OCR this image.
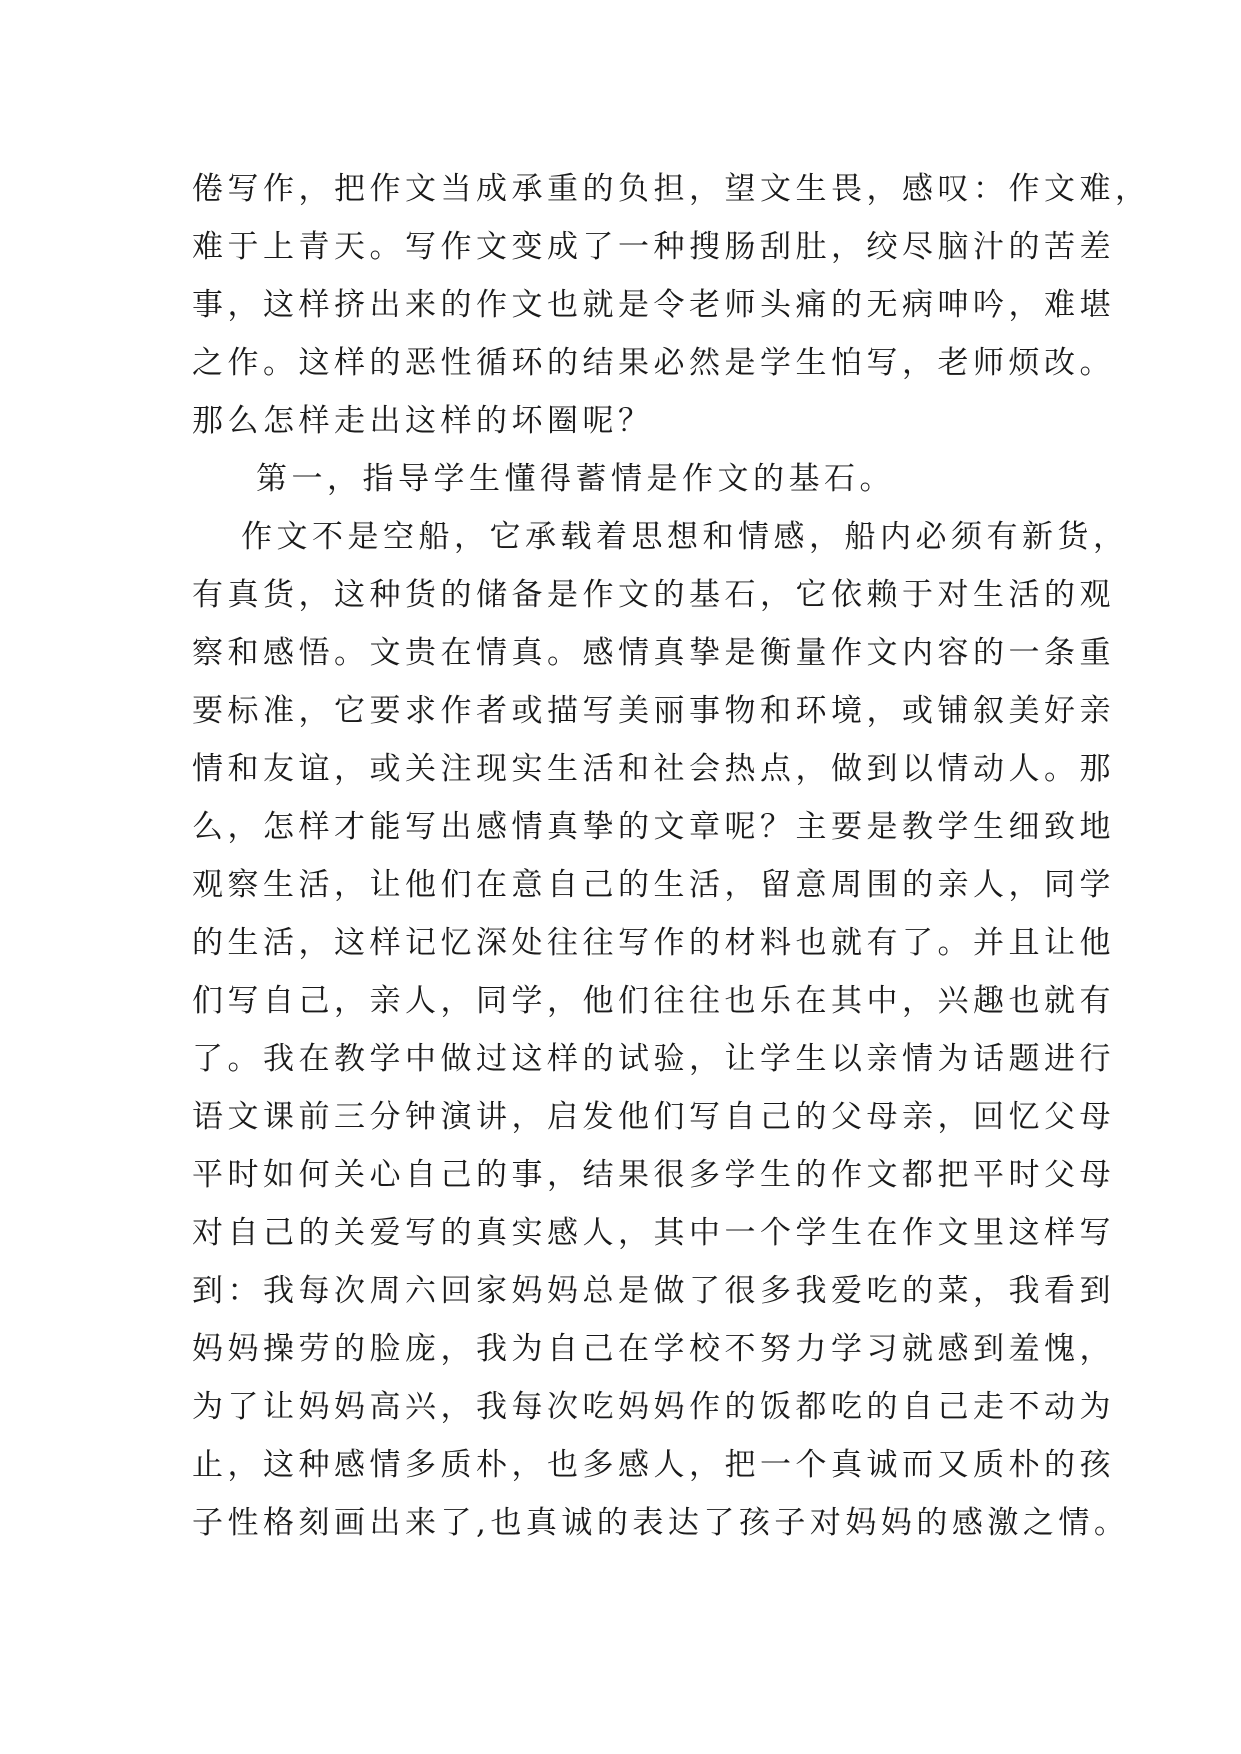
倦写作，把作文当成承重的负担，望文生畏，感叹：作文难，
难于上青天。写作文变成了一种搜肠刮肚，绞尽脑汁的苦差
事，这样挤出来的作文也就是令老师头痛的无病呻吟，难堪
之作。这样的恶性循环的结果必然是学生怕写，老师烦改。
那么怎样走出这样的坏圈呢？
第一，指导学生懂得蓄情是作文的基石。
作文不是空船，它承载着思想和情感，船内必须有新货，
有真货，这种货的储备是作文的基石，它依赖于对生活的观
察和感悟。文贵在情真。感情真挚是衡量作文内容的一条重
要标准，它要求作者或描写美丽事物和环境，或铺叙美好亲
情和友谊，或关注现实生活和社会热点，做到以情动人。那
么，怎样才能写出感情真挚的文章呢？主要是教学生细致地
观察生活，让他们在意自己的生活，留意周围的亲人，同学
的生活，这样记忆深处往往写作的材料也就有了。并且让他
们写自己，亲人，同学，他们往往也乐在其中，兴趣也就有
了。我在教学中做过这样的试验，让学生以亲情为话题进行
语文课前三分钟演讲，启发他们写自己的父母亲，回忆父母
平时如何关心自己的事，结果很多学生的作文都把平时父母
对自己的关爱写的真实感人，其中一个学生在作文里这样写
到：我每次周六回家妈妈总是做了很多我爱吃的菜，我看到
妈妈操劳的脸庞，我为自己在学校不努力学习就感到羞愧，
为了让妈妈高兴，我每次吃妈妈作的饭都吃的自己走不动为
止，这种感情多质朴，也多感人，把一个真诚而又质朴的孩
子性格刻画出来了,也真诚的表达了孩子对妈妈的感激之情。
